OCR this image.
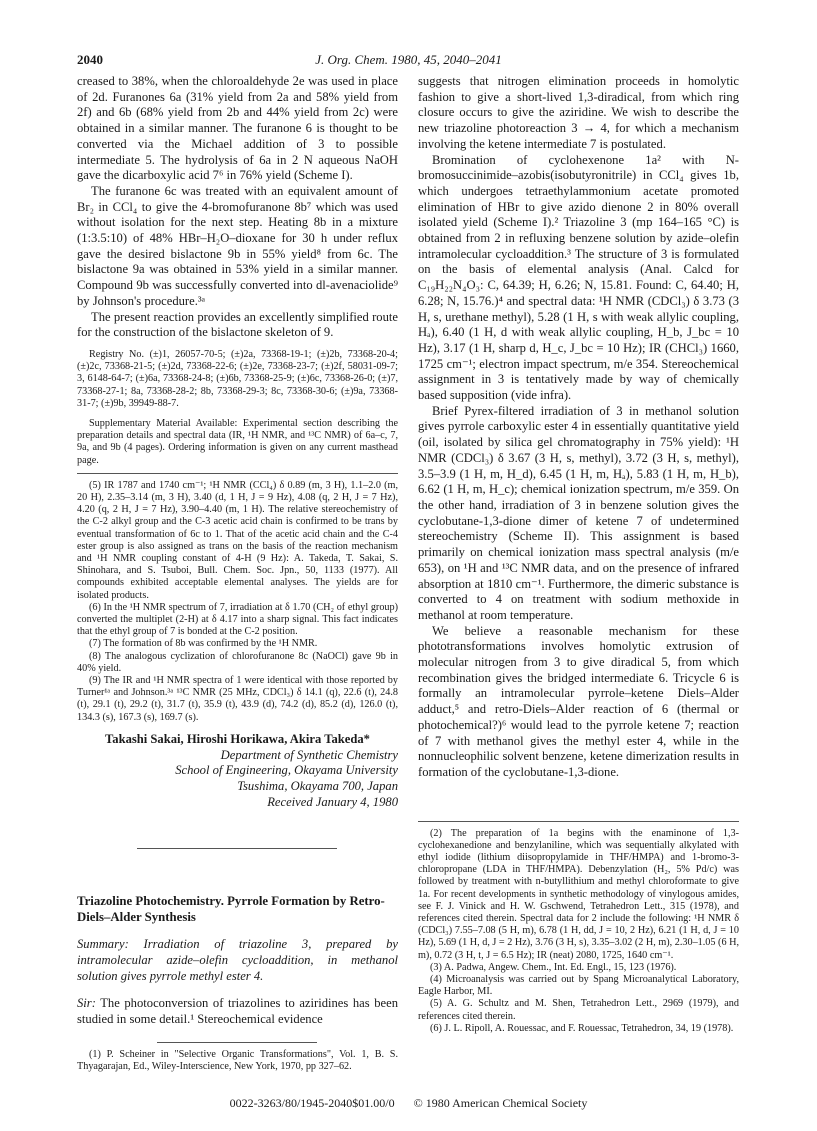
2040	J. Org. Chem. 1980, 45, 2040–2041

creased to 38%, when the chloroaldehyde 2e was used in place of 2d. Furanones 6a (31% yield from 2a and 58% yield from 2f) and 6b (68% yield from 2b and 44% yield from 2c) were obtained in a similar manner. The furanone 6 is thought to be converted via the Michael addition of 3 to possible intermediate 5. The hydrolysis of 6a in 2 N aqueous NaOH gave the dicarboxylic acid 7⁶ in 76% yield (Scheme I).

The furanone 6c was treated with an equivalent amount of Br₂ in CCl₄ to give the 4-bromofuranone 8b⁷ which was used without isolation for the next step. Heating 8b in a mixture (1:3.5:10) of 48% HBr–H₂O–dioxane for 30 h under reflux gave the desired bislactone 9b in 55% yield⁸ from 6c. The bislactone 9a was obtained in 53% yield in a similar manner. Compound 9b was successfully converted into dl-avenaciolide⁹ by Johnson's procedure.³ᵃ

The present reaction provides an excellently simplified route for the construction of the bislactone skeleton of 9.

Registry No. (±)1, 26057-70-5; (±)2a, 73368-19-1; (±)2b, 73368-20-4; (±)2c, 73368-21-5; (±)2d, 73368-22-6; (±)2e, 73368-23-7; (±)2f, 58031-09-7; 3, 6148-64-7; (±)6a, 73368-24-8; (±)6b, 73368-25-9; (±)6c, 73368-26-0; (±)7, 73368-27-1; 8a, 73368-28-2; 8b, 73368-29-3; 8c, 73368-30-6; (±)9a, 73368-31-7; (±)9b, 39949-88-7.

Supplementary Material Available: Experimental section describing the preparation details and spectral data (IR, ¹H NMR, and ¹³C NMR) of 6a–c, 7, 9a, and 9b (4 pages). Ordering information is given on any current masthead page.

(5) IR 1787 and 1740 cm⁻¹; ¹H NMR (CCl₄) δ 0.89 (m, 3 H), 1.1–2.0 (m, 20 H), 2.35–3.14 (m, 3 H), 3.40 (d, 1 H, J = 9 Hz), 4.08 (q, 2 H, J = 7 Hz), 4.20 (q, 2 H, J = 7 Hz), 3.90–4.40 (m, 1 H). The relative stereochemistry of the C-2 alkyl group and the C-3 acetic acid chain is confirmed to be trans by eventual transformation of 6c to 1. That of the acetic acid chain and the C-4 ester group is also assigned as trans on the basis of the reaction mechanism and ¹H NMR coupling constant of 4-H (9 Hz): A. Takeda, T. Sakai, S. Shinohara, and S. Tsuboi, Bull. Chem. Soc. Jpn., 50, 1133 (1977). All compounds exhibited acceptable elemental analyses. The yields are for isolated products.

(6) In the ¹H NMR spectrum of 7, irradiation at δ 1.70 (CH₂ of ethyl group) converted the multiplet (2-H) at δ 4.17 into a sharp signal. This fact indicates that the ethyl group of 7 is bonded at the C-2 position.

(7) The formation of 8b was confirmed by the ¹H NMR.

(8) The analogous cyclization of chlorofuranone 8c (NaOCl) gave 9b in 40% yield.

(9) The IR and ¹H NMR spectra of 1 were identical with those reported by Turner¹ᵃ and Johnson.³ᵃ ¹³C NMR (25 MHz, CDCl₃) δ 14.1 (q), 22.6 (t), 24.8 (t), 29.1 (t), 29.2 (t), 31.7 (t), 35.9 (t), 43.9 (d), 74.2 (d), 85.2 (d), 126.0 (t), 134.3 (s), 167.3 (s), 169.7 (s).

Takashi Sakai, Hiroshi Horikawa, Akira Takeda*
Department of Synthetic Chemistry
School of Engineering, Okayama University
Tsushima, Okayama 700, Japan
Received January 4, 1980

Triazoline Photochemistry. Pyrrole Formation by Retro-Diels–Alder Synthesis

Summary: Irradiation of triazoline 3, prepared by intramolecular azide–olefin cycloaddition, in methanol solution gives pyrrole methyl ester 4.
Sir: The photoconversion of triazolines to aziridines has been studied in some detail.¹ Stereochemical evidence

(1) P. Scheiner in "Selective Organic Transformations", Vol. 1, B. S. Thyagarajan, Ed., Wiley-Interscience, New York, 1970, pp 327–62.

suggests that nitrogen elimination proceeds in homolytic fashion to give a short-lived 1,3-diradical, from which ring closure occurs to give the aziridine. We wish to describe the new triazoline photoreaction 3 → 4, for which a mechanism involving the ketene intermediate 7 is postulated.

Bromination of cyclohexenone 1a² with N-bromosuccinimide–azobis(isobutyronitrile) in CCl₄ gives 1b, which undergoes tetraethylammonium acetate promoted elimination of HBr to give azido dienone 2 in 80% overall isolated yield (Scheme I).² Triazoline 3 (mp 164–165 °C) is obtained from 2 in refluxing benzene solution by azide–olefin intramolecular cycloaddition.³ The structure of 3 is formulated on the basis of elemental analysis (Anal. Calcd for C₁₉H₂₂N₄O₃: C, 64.39; H, 6.26; N, 15.81. Found: C, 64.40; H, 6.28; N, 15.76.)⁴ and spectral data: ¹H NMR (CDCl₃) δ 3.73 (3 H, s, urethane methyl), 5.28 (1 H, s with weak allylic coupling, Hₐ), 6.40 (1 H, d with weak allylic coupling, H_b, J_bc = 10 Hz), 3.17 (1 H, sharp d, H_c, J_bc = 10 Hz); IR (CHCl₃) 1660, 1725 cm⁻¹; electron impact spectrum, m/e 354. Stereochemical assignment in 3 is tentatively made by way of chemically based supposition (vide infra).

Brief Pyrex-filtered irradiation of 3 in methanol solution gives pyrrole carboxylic ester 4 in essentially quantitative yield (oil, isolated by silica gel chromatography in 75% yield): ¹H NMR (CDCl₃) δ 3.67 (3 H, s, methyl), 3.72 (3 H, s, methyl), 3.5–3.9 (1 H, m, H_d), 6.45 (1 H, m, Hₐ), 5.83 (1 H, m, H_b), 6.62 (1 H, m, H_c); chemical ionization spectrum, m/e 359. On the other hand, irradiation of 3 in benzene solution gives the cyclobutane-1,3-dione dimer of ketene 7 of undetermined stereochemistry (Scheme II). This assignment is based primarily on chemical ionization mass spectral analysis (m/e 653), on ¹H and ¹³C NMR data, and on the presence of infrared absorption at 1810 cm⁻¹. Furthermore, the dimeric substance is converted to 4 on treatment with sodium methoxide in methanol at room temperature.

We believe a reasonable mechanism for these phototransformations involves homolytic extrusion of molecular nitrogen from 3 to give diradical 5, from which recombination gives the bridged intermediate 6. Tricycle 6 is formally an intramolecular pyrrole–ketene Diels–Alder adduct,⁵ and retro-Diels–Alder reaction of 6 (thermal or photochemical?)⁶ would lead to the pyrrole ketene 7; reaction of 7 with methanol gives the methyl ester 4, while in the nonnucleophilic solvent benzene, ketene dimerization results in formation of the cyclobutane-1,3-dione.

(2) The preparation of 1a begins with the enaminone of 1,3-cyclohexanedione and benzylaniline, which was sequentially alkylated with ethyl iodide (lithium diisopropylamide in THF/HMPA) and 1-bromo-3-chloropropane (LDA in THF/HMPA). Debenzylation (H₂, 5% Pd/c) was followed by treatment with n-butyllithium and methyl chloroformate to give 1a. For recent developments in synthetic methodology of vinylogous amides, see F. J. Vinick and H. W. Gschwend, Tetrahedron Lett., 315 (1978), and references cited therein. Spectral data for 2 include the following: ¹H NMR δ (CDCl₃) 7.55–7.08 (5 H, m), 6.78 (1 H, dd, J = 10, 2 Hz), 6.21 (1 H, d, J = 10 Hz), 5.69 (1 H, d, J = 2 Hz), 3.76 (3 H, s), 3.35–3.02 (2 H, m), 2.30–1.05 (6 H, m), 0.72 (3 H, t, J = 6.5 Hz); IR (neat) 2080, 1725, 1640 cm⁻¹.

(3) A. Padwa, Angew. Chem., Int. Ed. Engl., 15, 123 (1976).

(4) Microanalysis was carried out by Spang Microanalytical Laboratory, Eagle Harbor, MI.

(5) A. G. Schultz and M. Shen, Tetrahedron Lett., 2969 (1979), and references cited therein.

(6) J. L. Ripoll, A. Rouessac, and F. Rouessac, Tetrahedron, 34, 19 (1978).

0022-3263/80/1945-2040$01.00/0 © 1980 American Chemical Society
